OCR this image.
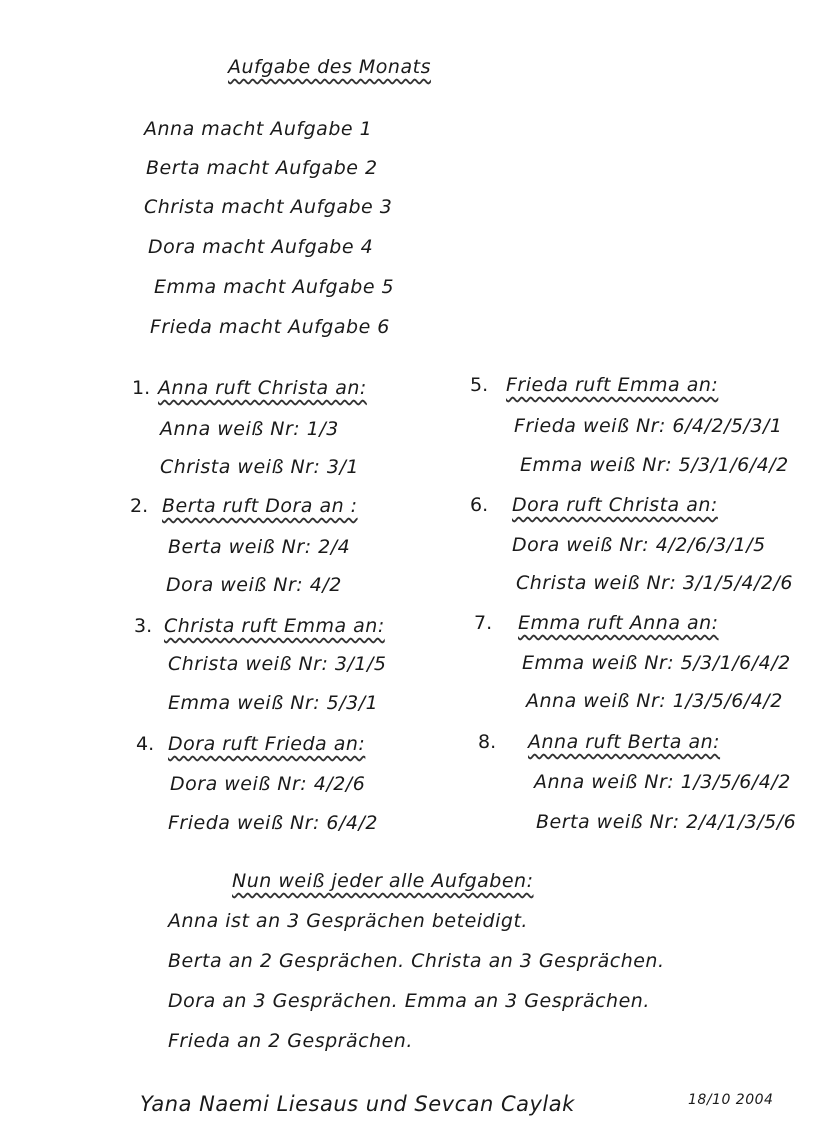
Aufgabe des Monats
Anna macht Aufgabe 1
Berta macht Aufgabe 2
Christa macht Aufgabe 3
Dora macht Aufgabe 4
Emma macht Aufgabe 5
Frieda macht Aufgabe 6
1. Anna ruft Christa an:
Anna weiß Nr: 1/3
Christa weiß Nr: 3/1
2. Berta ruft Dora an :
Berta weiß Nr: 2/4
Dora weiß Nr: 4/2
3. Christa ruft Emma an:
Christa weiß Nr: 3/1/5
Emma weiß Nr: 5/3/1
4. Dora ruft Frieda an:
Dora weiß Nr: 4/2/6
Frieda weiß Nr: 6/4/2
5. Frieda ruft Emma an:
Frieda weiß Nr: 6/4/2/5/3/1
Emma weiß Nr: 5/3/1/6/4/2
6. Dora ruft Christa an:
Dora weiß Nr: 4/2/6/3/1/5
Christa weiß Nr: 3/1/5/4/2/6
7. Emma ruft Anna an:
Emma weiß Nr: 5/3/1/6/4/2
Anna weiß Nr: 1/3/5/6/4/2
8. Anna ruft Berta an:
Anna weiß Nr: 1/3/5/6/4/2
Berta weiß Nr: 2/4/1/3/5/6
Nun weiß jeder alle Aufgaben:
Anna ist an 3 Gesprächen beteidigt.
Berta an 2 Gesprächen. Christa an 3 Gesprächen.
Dora an 3 Gesprächen. Emma an 3 Gesprächen.
Frieda an 2 Gesprächen.
Yana Naemi Liesaus und Sevcan Caylak	18/10 2004
